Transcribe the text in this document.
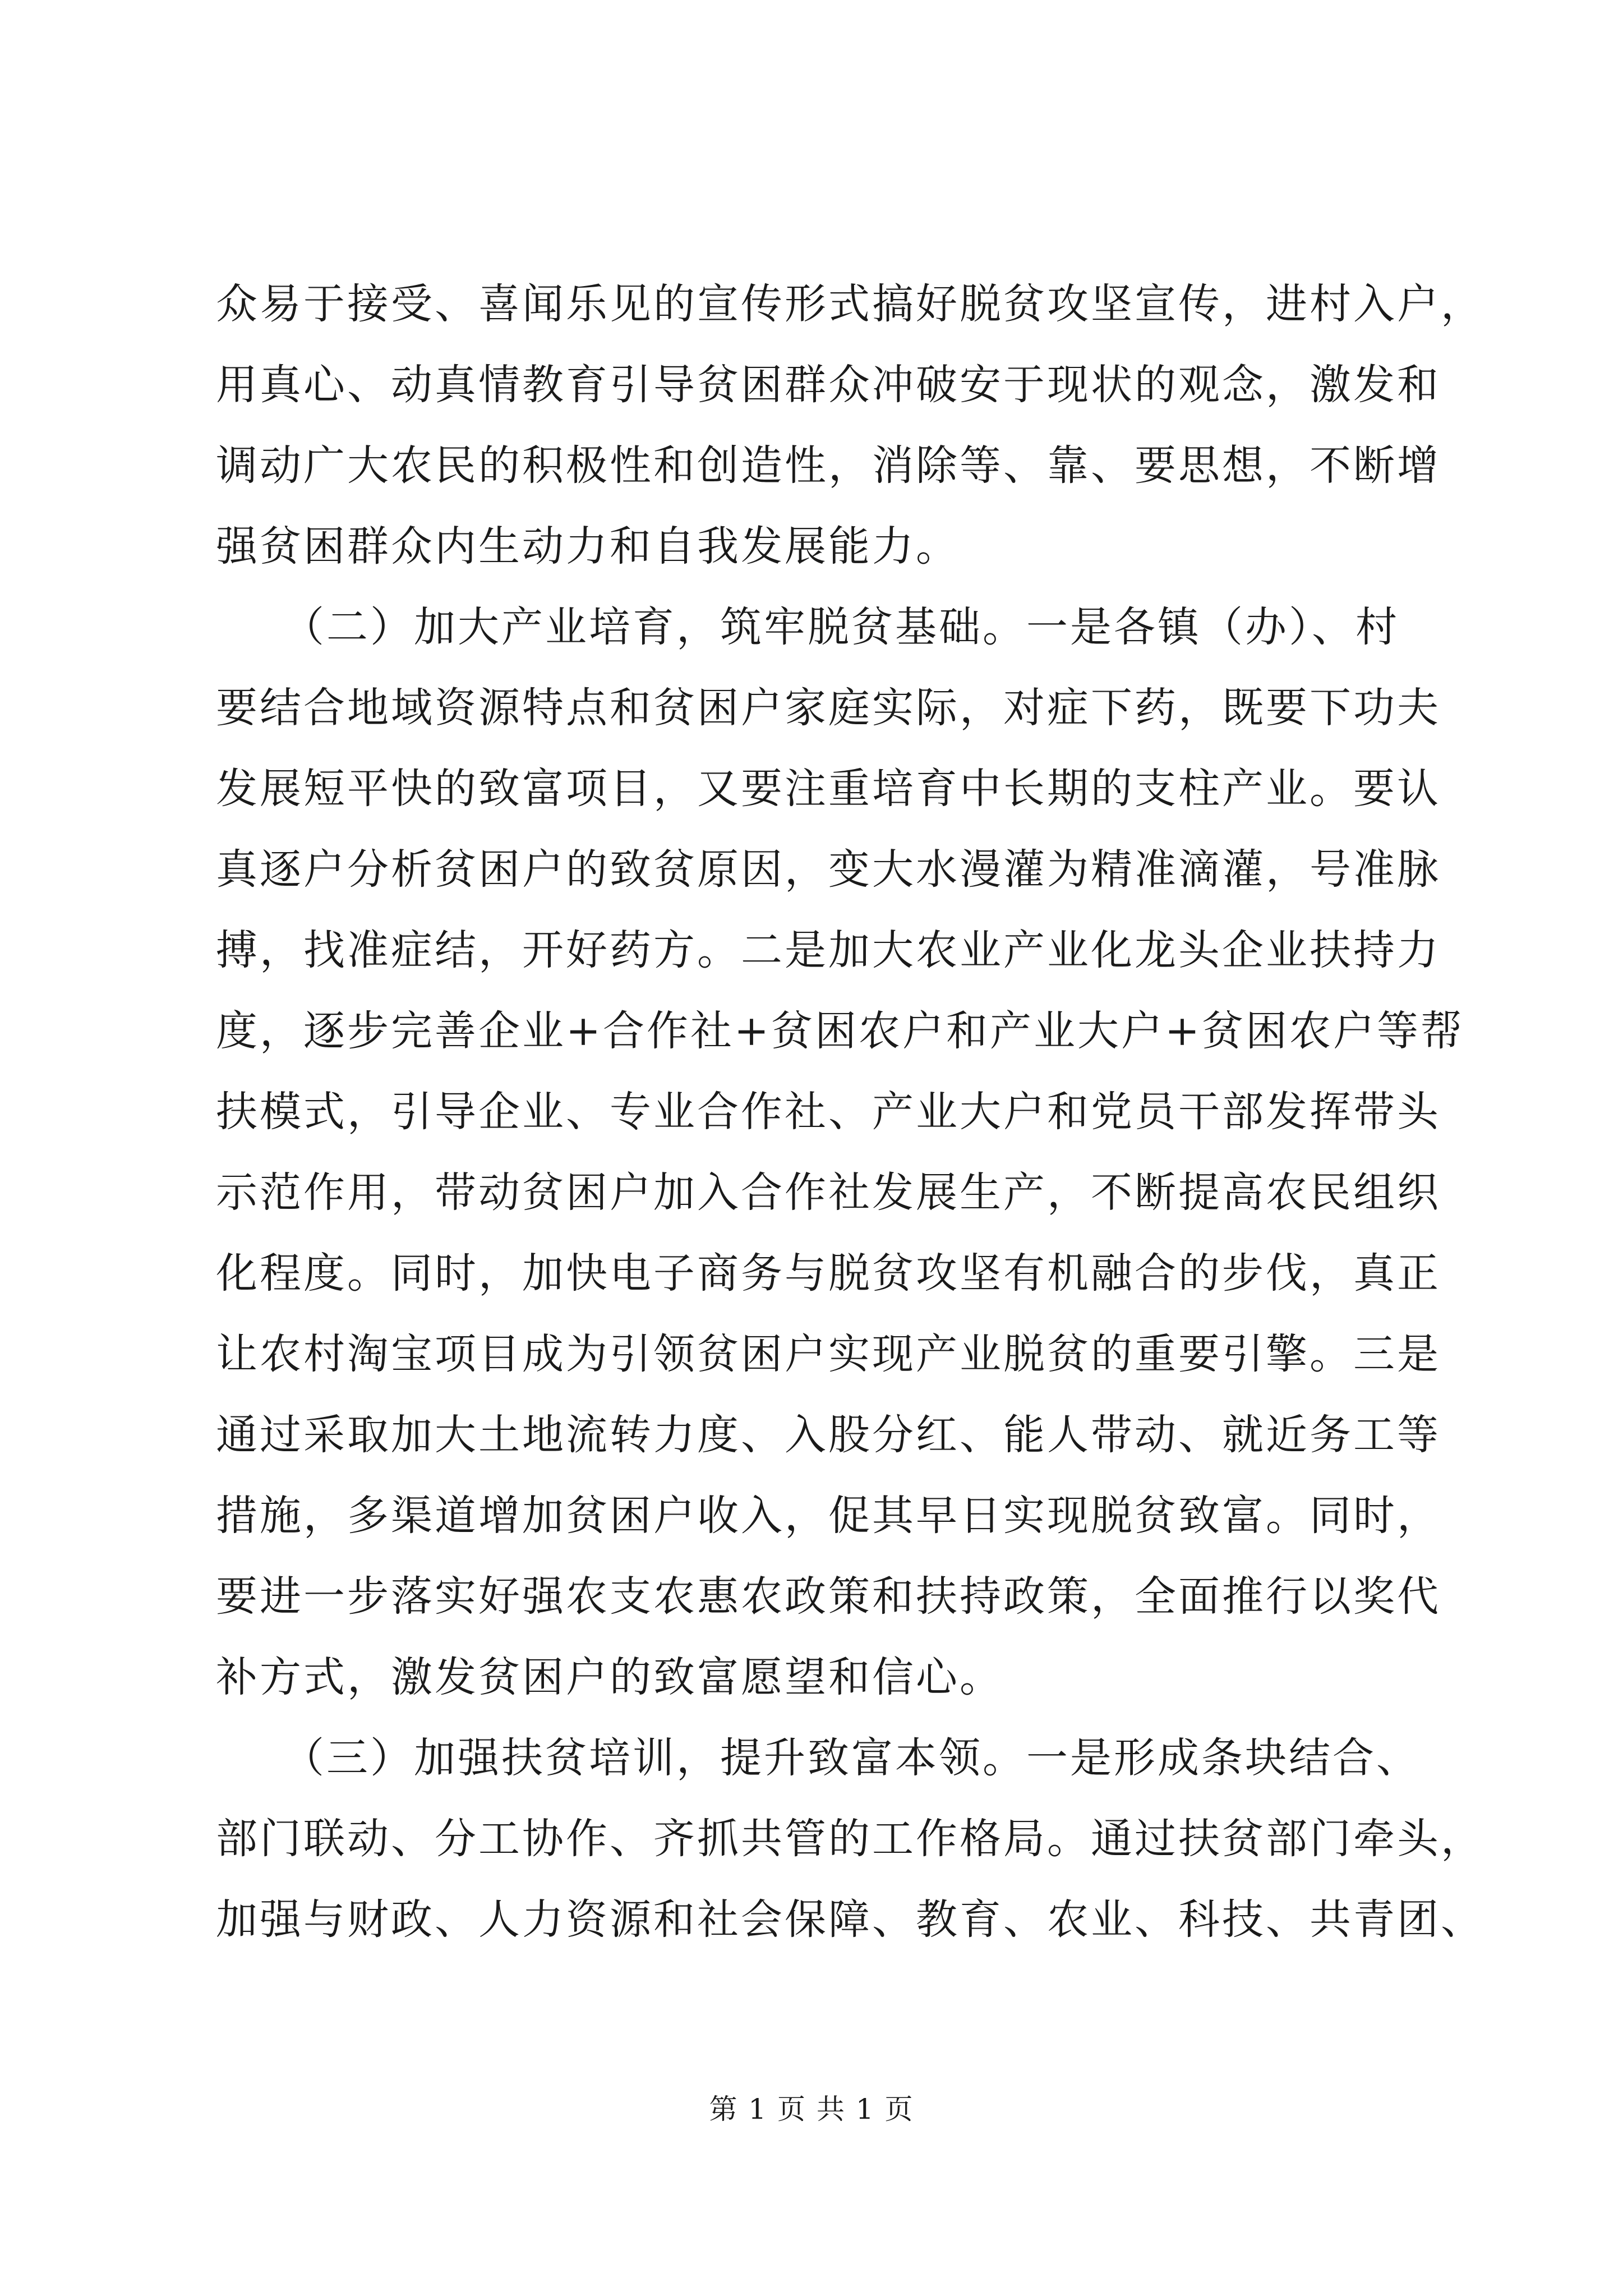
众易于接受、喜闻乐见的宣传形式搞好脱贫攻坚宣传，进村入户，
用真心、动真情教育引导贫困群众冲破安于现状的观念，激发和
调动广大农民的积极性和创造性，消除等、靠、要思想，不断增
强贫困群众内生动力和自我发展能力。
　　（二）加大产业培育，筑牢脱贫基础。一是各镇（办）、村
要结合地域资源特点和贫困户家庭实际，对症下药，既要下功夫
发展短平快的致富项目，又要注重培育中长期的支柱产业。要认
真逐户分析贫困户的致贫原因，变大水漫灌为精准滴灌，号准脉
搏，找准症结，开好药方。二是加大农业产业化龙头企业扶持力
度，逐步完善企业+合作社+贫困农户和产业大户+贫困农户等帮
扶模式，引导企业、专业合作社、产业大户和党员干部发挥带头
示范作用，带动贫困户加入合作社发展生产，不断提高农民组织
化程度。同时，加快电子商务与脱贫攻坚有机融合的步伐，真正
让农村淘宝项目成为引领贫困户实现产业脱贫的重要引擎。三是
通过采取加大土地流转力度、入股分红、能人带动、就近务工等
措施，多渠道增加贫困户收入，促其早日实现脱贫致富。同时，
要进一步落实好强农支农惠农政策和扶持政策，全面推行以奖代
补方式，激发贫困户的致富愿望和信心。
　　（三）加强扶贫培训，提升致富本领。一是形成条块结合、
部门联动、分工协作、齐抓共管的工作格局。通过扶贫部门牵头，
加强与财政、人力资源和社会保障、教育、农业、科技、共青团、
第 1 页 共 1 页
